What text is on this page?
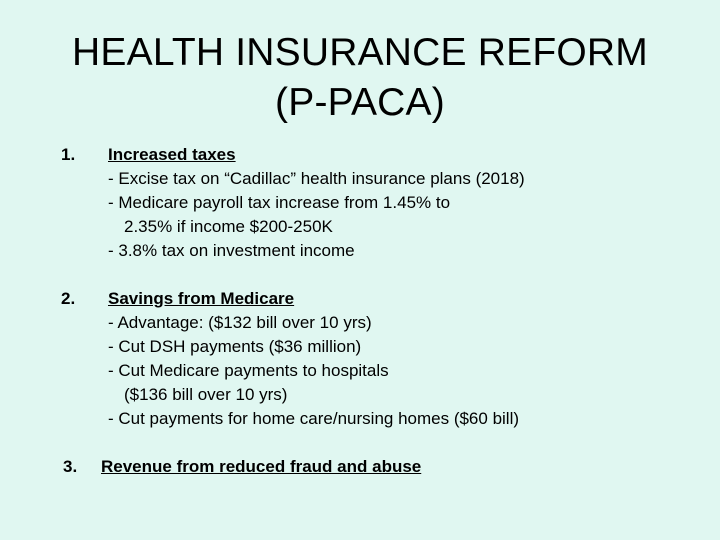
HEALTH INSURANCE REFORM
(P-PACA)
1. Increased taxes
- Excise tax on “Cadillac” health insurance plans (2018)
- Medicare payroll tax increase from 1.45% to
2.35% if income $200-250K
- 3.8% tax on investment income
2. Savings from Medicare
- Advantage: ($132 bill over 10 yrs)
- Cut DSH payments ($36 million)
- Cut Medicare payments to hospitals
($136 bill over 10 yrs)
- Cut payments for home care/nursing homes ($60 bill)
3. Revenue from reduced fraud and abuse
